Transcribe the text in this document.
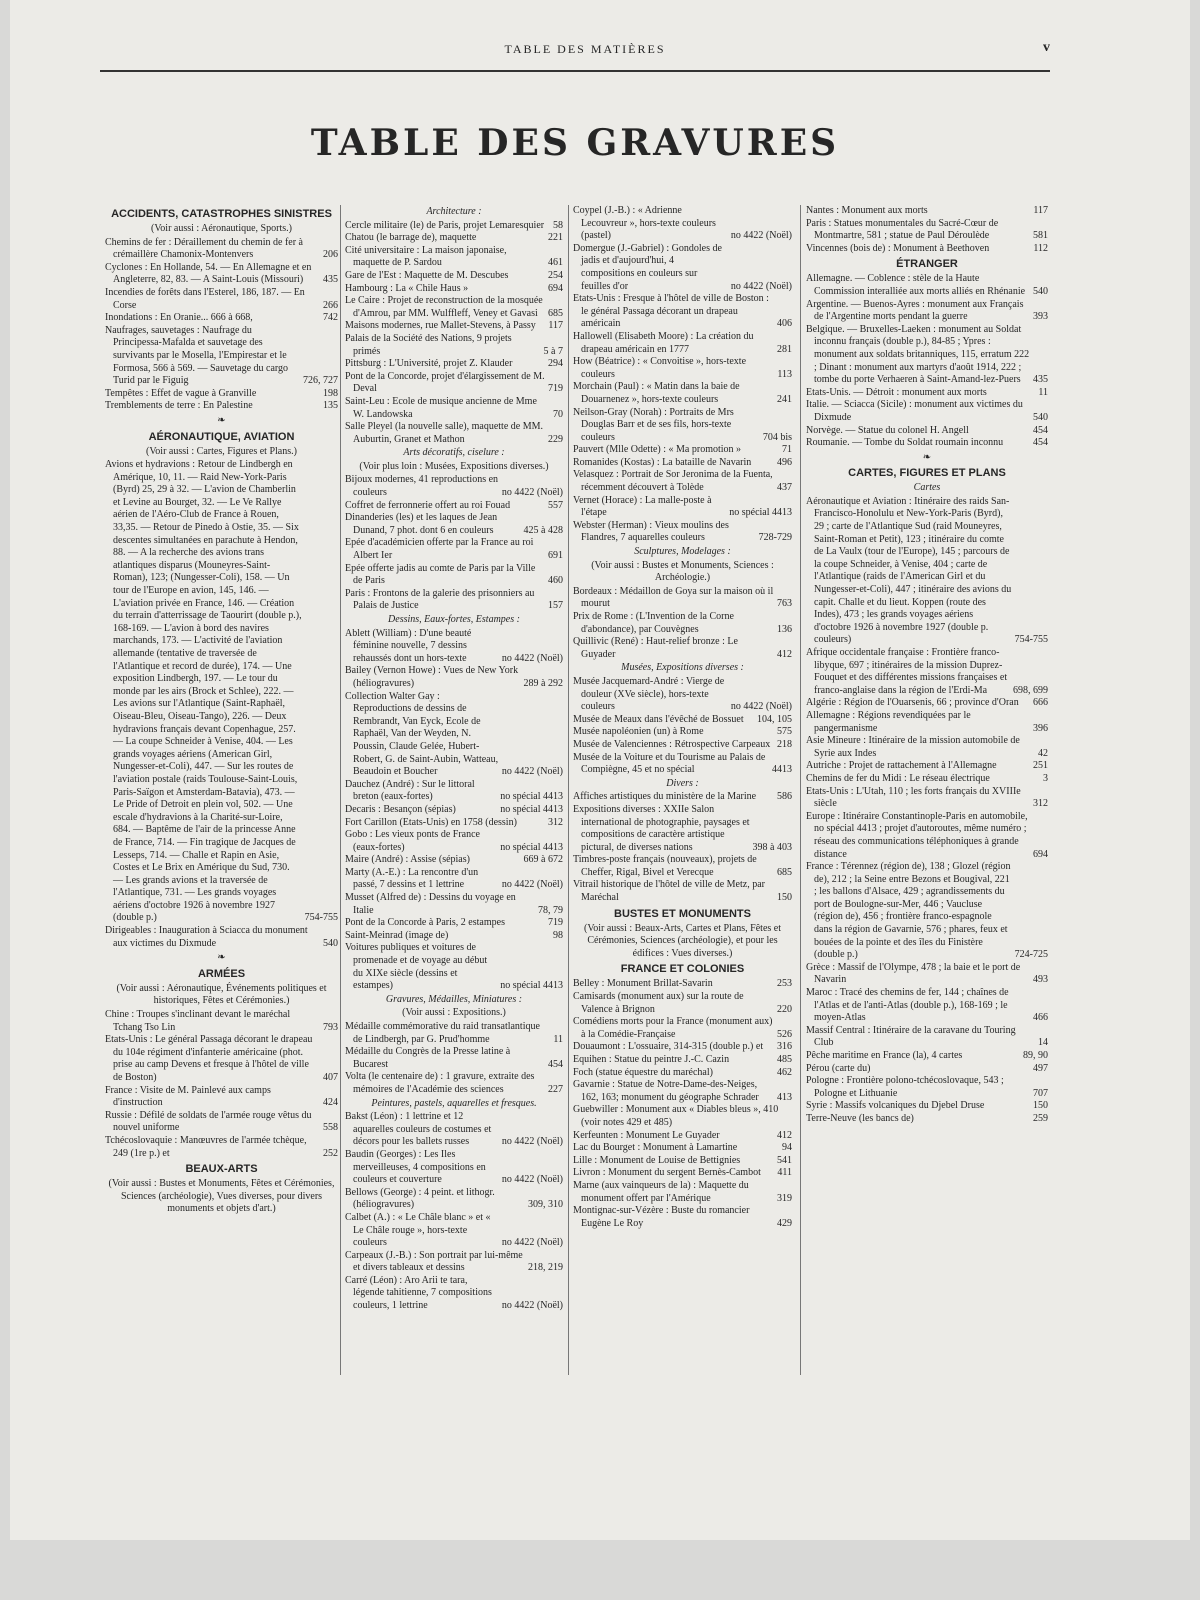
TABLE DES MATIÈRES	v
TABLE DES GRAVURES
ACCIDENTS, CATASTROPHES SINISTRES
(Voir aussi : Aéronautique, Sports.)
Chemins de fer : Déraillement du chemin de fer à crémaillère Chamonix-Montenvers	206
Cyclones : En Hollande, 54. — En Allemagne et en Angleterre, 82, 83. — A Saint-Louis (Missouri)	435
Incendies de forêts dans l'Esterel, 186, 187. — En Corse	266
Inondations : En Oranie... 666 à 668,	742
Naufrages, sauvetages : Naufrage du Principessa-Mafalda et sauvetage des survivants par le Mosella, l'Empirestar et le Formosa, 566 à 569. — Sauvetage du cargo Turid par le Figuig	726, 727
Tempêtes : Effet de vague à Granville	198
Tremblements de terre : En Palestine	135
❧
AÉRONAUTIQUE, AVIATION
(Voir aussi : Cartes, Figures et Plans.)
Avions et hydravions : Retour de Lindbergh en Amérique, 10, 11. — Raid New-York-Paris (Byrd) 25, 29 à 32. — L'avion de Chamberlin et Levine au Bourget, 32. — Le Ve Rallye aérien de l'Aéro-Club de France à Rouen, 33,35. — Retour de Pinedo à Ostie, 35. — Six descentes simultanées en parachute à Hendon, 88. — A la recherche des avions trans atlantiques disparus (Mouneyres-Saint-Roman), 123; (Nungesser-Coli), 158. — Un tour de l'Europe en avion, 145, 146. — L'aviation privée en France, 146. — Création du terrain d'atterrissage de Taourirt (double p.), 168-169. — L'avion à bord des navires marchands, 173. — L'activité de l'aviation allemande (tentative de traversée de l'Atlantique et record de durée), 174. — Une exposition Lindbergh, 197. — Le tour du monde par les airs (Brock et Schlee), 222. — Les avions sur l'Atlantique (Saint-Raphaël, Oiseau-Bleu, Oiseau-Tango), 226. — Deux hydravions français devant Copenhague, 257. — La coupe Schneider à Venise, 404. — Les grands voyages aériens (American Girl, Nungesser-et-Coli), 447. — Sur les routes de l'aviation postale (raids Toulouse-Saint-Louis, Paris-Saïgon et Amsterdam-Batavia), 473. — Le Pride of Detroit en plein vol, 502. — Une escale d'hydravions à la Charité-sur-Loire, 684. — Baptême de l'air de la princesse Anne de France, 714. — Fin tragique de Jacques de Lesseps, 714. — Challe et Rapin en Asie, Costes et Le Brix en Amérique du Sud, 730. — Les grands avions et la traversée de l'Atlantique, 731. — Les grands voyages aériens d'octobre 1926 à novembre 1927 (double p.)	754-755
Dirigeables : Inauguration à Sciacca du monument aux victimes du Dixmude	540
❧
ARMÉES
(Voir aussi : Aéronautique, Événements politiques et historiques, Fêtes et Cérémonies.)
Chine : Troupes s'inclinant devant le maréchal Tchang Tso Lin	793
Etats-Unis : Le général Passaga décorant le drapeau du 104e régiment d'infanterie américaine (phot. prise au camp Devens et fresque à l'hôtel de ville de Boston)	407
France : Visite de M. Painlevé aux camps d'instruction	424
Russie : Défilé de soldats de l'armée rouge vêtus du nouvel uniforme	558
Tchécoslovaquie : Manœuvres de l'armée tchèque, 249 (1re p.) et	252
BEAUX-ARTS
(Voir aussi : Bustes et Monuments, Fêtes et Cérémonies, Sciences (archéologie), Vues diverses, pour divers monuments et objets d'art.)
Architecture :
Cercle militaire (le) de Paris, projet Lemaresquier 58
Chatou (le barrage de), maquette	221
Cité universitaire : La maison japonaise, maquette de P. Sardou	461
Gare de l'Est : Maquette de M. Descubes	254
Hambourg : La « Chile Haus »	694
Le Caire : Projet de reconstruction de la mosquée d'Amrou, par MM. Wulffleff, Veney et Gavasi	685
Maisons modernes, rue Mallet-Stevens, à Passy	117
Palais de la Société des Nations, 9 projets primés	5 à 7
Pittsburg : L'Université, projet Z. Klauder	294
Pont de la Concorde, projet d'élargissement de M. Deval	719
Saint-Leu : Ecole de musique ancienne de Mme W. Landowska	70
Salle Pleyel (la nouvelle salle), maquette de MM. Auburtin, Granet et Mathon	229
Arts décoratifs, ciselure :
(Voir plus loin : Musées, Expositions diverses.)
Bijoux modernes, 41 reproductions en couleurs	no 4422 (Noël)
Coffret de ferronnerie offert au roi Fouad	557
Dinanderies (les) et les laques de Jean Dunand, 7 phot. dont 6 en couleurs	425 à 428
Epée d'académicien offerte par la France au roi Albert Ier	691
Epée offerte jadis au comte de Paris par la Ville de Paris	460
Paris : Frontons de la galerie des prisonniers au Palais de Justice	157
Dessins, Eaux-fortes, Estampes :
Ablett (William) : D'une beauté féminine nouvelle, 7 dessins rehaussés dont un hors-texte	no 4422 (Noël)
Bailey (Vernon Howe) : Vues de New York (héliogravures)	289 à 292
Collection Walter Gay : Reproductions de dessins de Rembrandt, Van Eyck, Ecole de Raphaël, Van der Weyden, N. Poussin, Claude Gelée, Hubert-Robert, G. de Saint-Aubin, Watteau, Beaudoin et Boucher	no 4422 (Noël)
Dauchez (André) : Sur le littoral breton (eaux-fortes)	no spécial 4413
Decaris : Besançon (sépias)	no spécial 4413
Fort Carillon (Etats-Unis) en 1758 (dessin)	312
Gobo : Les vieux ponts de France (eaux-fortes)	no spécial 4413
Maire (André) : Assise (sépias)	669 à 672
Marty (A.-E.) : La rencontre d'un passé, 7 dessins et 1 lettrine	no 4422 (Noël)
Musset (Alfred de) : Dessins du voyage en Italie	78, 79
Pont de la Concorde à Paris, 2 estampes	719
Saint-Meinrad (image de)	98
Voitures publiques et voitures de promenade et de voyage au début du XIXe siècle (dessins et estampes)	no spécial 4413
Gravures, Médailles, Miniatures :
(Voir aussi : Expositions.)
Médaille commémorative du raid transatlantique de Lindbergh, par G. Prud'homme	11
Médaille du Congrès de la Presse latine à Bucarest	454
Volta (le centenaire de) : 1 gravure, extraite des mémoires de l'Académie des sciences	227
Peintures, pastels, aquarelles et fresques.
Bakst (Léon) : 1 lettrine et 12 aquarelles couleurs de costumes et décors pour les ballets russes	no 4422 (Noël)
Baudin (Georges) : Les Iles merveilleuses, 4 compositions en couleurs et couverture	no 4422 (Noël)
Bellows (George) : 4 peint. et lithogr. (héliogravures)	309, 310
Calbet (A.) : « Le Châle blanc » et « Le Châle rouge », hors-texte couleurs	no 4422 (Noël)
Carpeaux (J.-B.) : Son portrait par lui-même et divers tableaux et dessins	218, 219
Carré (Léon) : Aro Arii te tara, légende tahitienne, 7 compositions couleurs, 1 lettrine	no 4422 (Noël)
Coypel (J.-B.) : « Adrienne Lecouvreur », hors-texte couleurs (pastel)	no 4422 (Noël)
Domergue (J.-Gabriel) : Gondoles de jadis et d'aujourd'hui, 4 compositions en couleurs sur feuilles d'or	no 4422 (Noël)
Etats-Unis : Fresque à l'hôtel de ville de Boston : le général Passaga décorant un drapeau américain	406
Hallowell (Elisabeth Moore) : La création du drapeau américain en 1777	281
How (Béatrice) : « Convoitise », hors-texte couleurs	113
Morchain (Paul) : « Matin dans la baie de Douarnenez », hors-texte couleurs	241
Neilson-Gray (Norah) : Portraits de Mrs Douglas Barr et de ses fils, hors-texte couleurs	704 bis
Pauvert (Mlle Odette) : « Ma promotion »	71
Romanides (Kostas) : La bataille de Navarin	496
Velasquez : Portrait de Sor Jeronima de la Fuenta, récemment découvert à Tolède	437
Vernet (Horace) : La malle-poste à l'étape	no spécial 4413
Webster (Herman) : Vieux moulins des Flandres, 7 aquarelles couleurs	728-729
Sculptures, Modelages :
(Voir aussi : Bustes et Monuments, Sciences : Archéologie.)
Bordeaux : Médaillon de Goya sur la maison où il mourut	763
Prix de Rome : (L'Invention de la Corne d'abondance), par Couvègnes	136
Quillivic (René) : Haut-relief bronze : Le Guyader	412
Musées, Expositions diverses :
Musée Jacquemard-André : Vierge de douleur (XVe siècle), hors-texte couleurs	no 4422 (Noël)
Musée de Meaux dans l'évêché de Bossuet	104, 105
Musée napoléonien (un) à Rome	575
Musée de Valenciennes : Rétrospective Carpeaux 218
Musée de la Voiture et du Tourisme au Palais de Compiègne, 45 et no spécial	4413
Divers :
Affiches artistiques du ministère de la Marine	586
Expositions diverses : XXIIe Salon international de photographie, paysages et compositions de caractère artistique pictural, de diverses nations	398 à 403
Timbres-poste français (nouveaux), projets de Cheffer, Rigal, Bivel et Verecque	685
Vitrail historique de l'hôtel de ville de Metz, par Maréchal	150
BUSTES ET MONUMENTS
(Voir aussi : Beaux-Arts, Cartes et Plans, Fêtes et Cérémonies, Sciences (archéologie), et pour les édifices : Vues diverses.)
FRANCE ET COLONIES
Belley : Monument Brillat-Savarin	253
Camisards (monument aux) sur la route de Valence à Brignon	220
Comédiens morts pour la France (monument aux) à la Comédie-Française	526
Douaumont : L'ossuaire, 314-315 (double p.) et	316
Equihen : Statue du peintre J.-C. Cazin	485
Foch (statue équestre du maréchal)	462
Gavarnie : Statue de Notre-Dame-des-Neiges, 162, 163; monument du géographe Schrader	413
Guebwiller : Monument aux « Diables bleus », 410 (voir notes 429 et 485)
Kerfeunten : Monument Le Guyader	412
Lac du Bourget : Monument à Lamartine	94
Lille : Monument de Louise de Bettignies	541
Livron : Monument du sergent Bernès-Cambot	411
Marne (aux vainqueurs de la) : Maquette du monument offert par l'Amérique	319
Montignac-sur-Vézère : Buste du romancier Eugène Le Roy	429
Nantes : Monument aux morts	117
Paris : Statues monumentales du Sacré-Cœur de Montmartre, 581 ; statue de Paul Déroulède	581
Vincennes (bois de) : Monument à Beethoven	112
ÉTRANGER
Allemagne. — Coblence : stèle de la Haute Commission interalliée aux morts alliés en Rhénanie 540
Argentine. — Buenos-Ayres : monument aux Français de l'Argentine morts pendant la guerre	393
Belgique. — Bruxelles-Laeken : monument au Soldat inconnu français (double p.), 84-85 ; Ypres : monument aux soldats britanniques, 115, erratum 222 ; Dinant : monument aux martyrs d'août 1914, 222 ; tombe du porte Verhaeren à Saint-Amand-lez-Puers	435
Etats-Unis. — Détroit : monument aux morts	11
Italie. — Sciacca (Sicile) : monument aux victimes du Dixmude	540
Norvège. — Statue du colonel H. Angell	454
Roumanie. — Tombe du Soldat roumain inconnu	454
❧
CARTES, FIGURES ET PLANS
Cartes
Aéronautique et Aviation : Itinéraire des raids San-Francisco-Honolulu et New-York-Paris (Byrd), 29 ; carte de l'Atlantique Sud (raid Mouneyres, Saint-Roman et Petit), 123 ; itinéraire du comte de La Vaulx (tour de l'Europe), 145 ; parcours de la coupe Schneider, à Venise, 404 ; carte de l'Atlantique (raids de l'American Girl et du Nungesser-et-Coli), 447 ; itinéraire des avions du capit. Challe et du lieut. Koppen (route des Indes), 473 ; les grands voyages aériens d'octobre 1926 à novembre 1927 (double p. couleurs)	754-755
Afrique occidentale française : Frontière franco-libyque, 697 ; itinéraires de la mission Duprez-Fouquet et des différentes missions françaises et franco-anglaise dans la région de l'Erdi-Ma	698, 699
Algérie : Région de l'Ouarsenis, 66 ; province d'Oran	666
Allemagne : Régions revendiquées par le pangermanisme	396
Asie Mineure : Itinéraire de la mission automobile de Syrie aux Indes	42
Autriche : Projet de rattachement à l'Allemagne	251
Chemins de fer du Midi : Le réseau électrique	3
Etats-Unis : L'Utah, 110 ; les forts français du XVIIIe siècle	312
Europe : Itinéraire Constantinople-Paris en automobile, no spécial 4413 ; projet d'autoroutes, même numéro ; réseau des communications téléphoniques à grande distance	694
France : Térennez (région de), 138 ; Glozel (région de), 212 ; la Seine entre Bezons et Bougival, 221 ; les ballons d'Alsace, 429 ; agrandissements du port de Boulogne-sur-Mer, 446 ; Vaucluse (région de), 456 ; frontière franco-espagnole dans la région de Gavarnie, 576 ; phares, feux et bouées de la pointe et des îles du Finistère (double p.)	724-725
Grèce : Massif de l'Olympe, 478 ; la baie et le port de Navarin	493
Maroc : Tracé des chemins de fer, 144 ; chaînes de l'Atlas et de l'anti-Atlas (double p.), 168-169 ; le moyen-Atlas	466
Massif Central : Itinéraire de la caravane du Touring Club	14
Pêche maritime en France (la), 4 cartes	89, 90
Pérou (carte du)	497
Pologne : Frontière polono-tchécoslovaque, 543 ; Pologne et Lithuanie	707
Syrie : Massifs volcaniques du Djebel Druse	150
Terre-Neuve (les bancs de)	259
